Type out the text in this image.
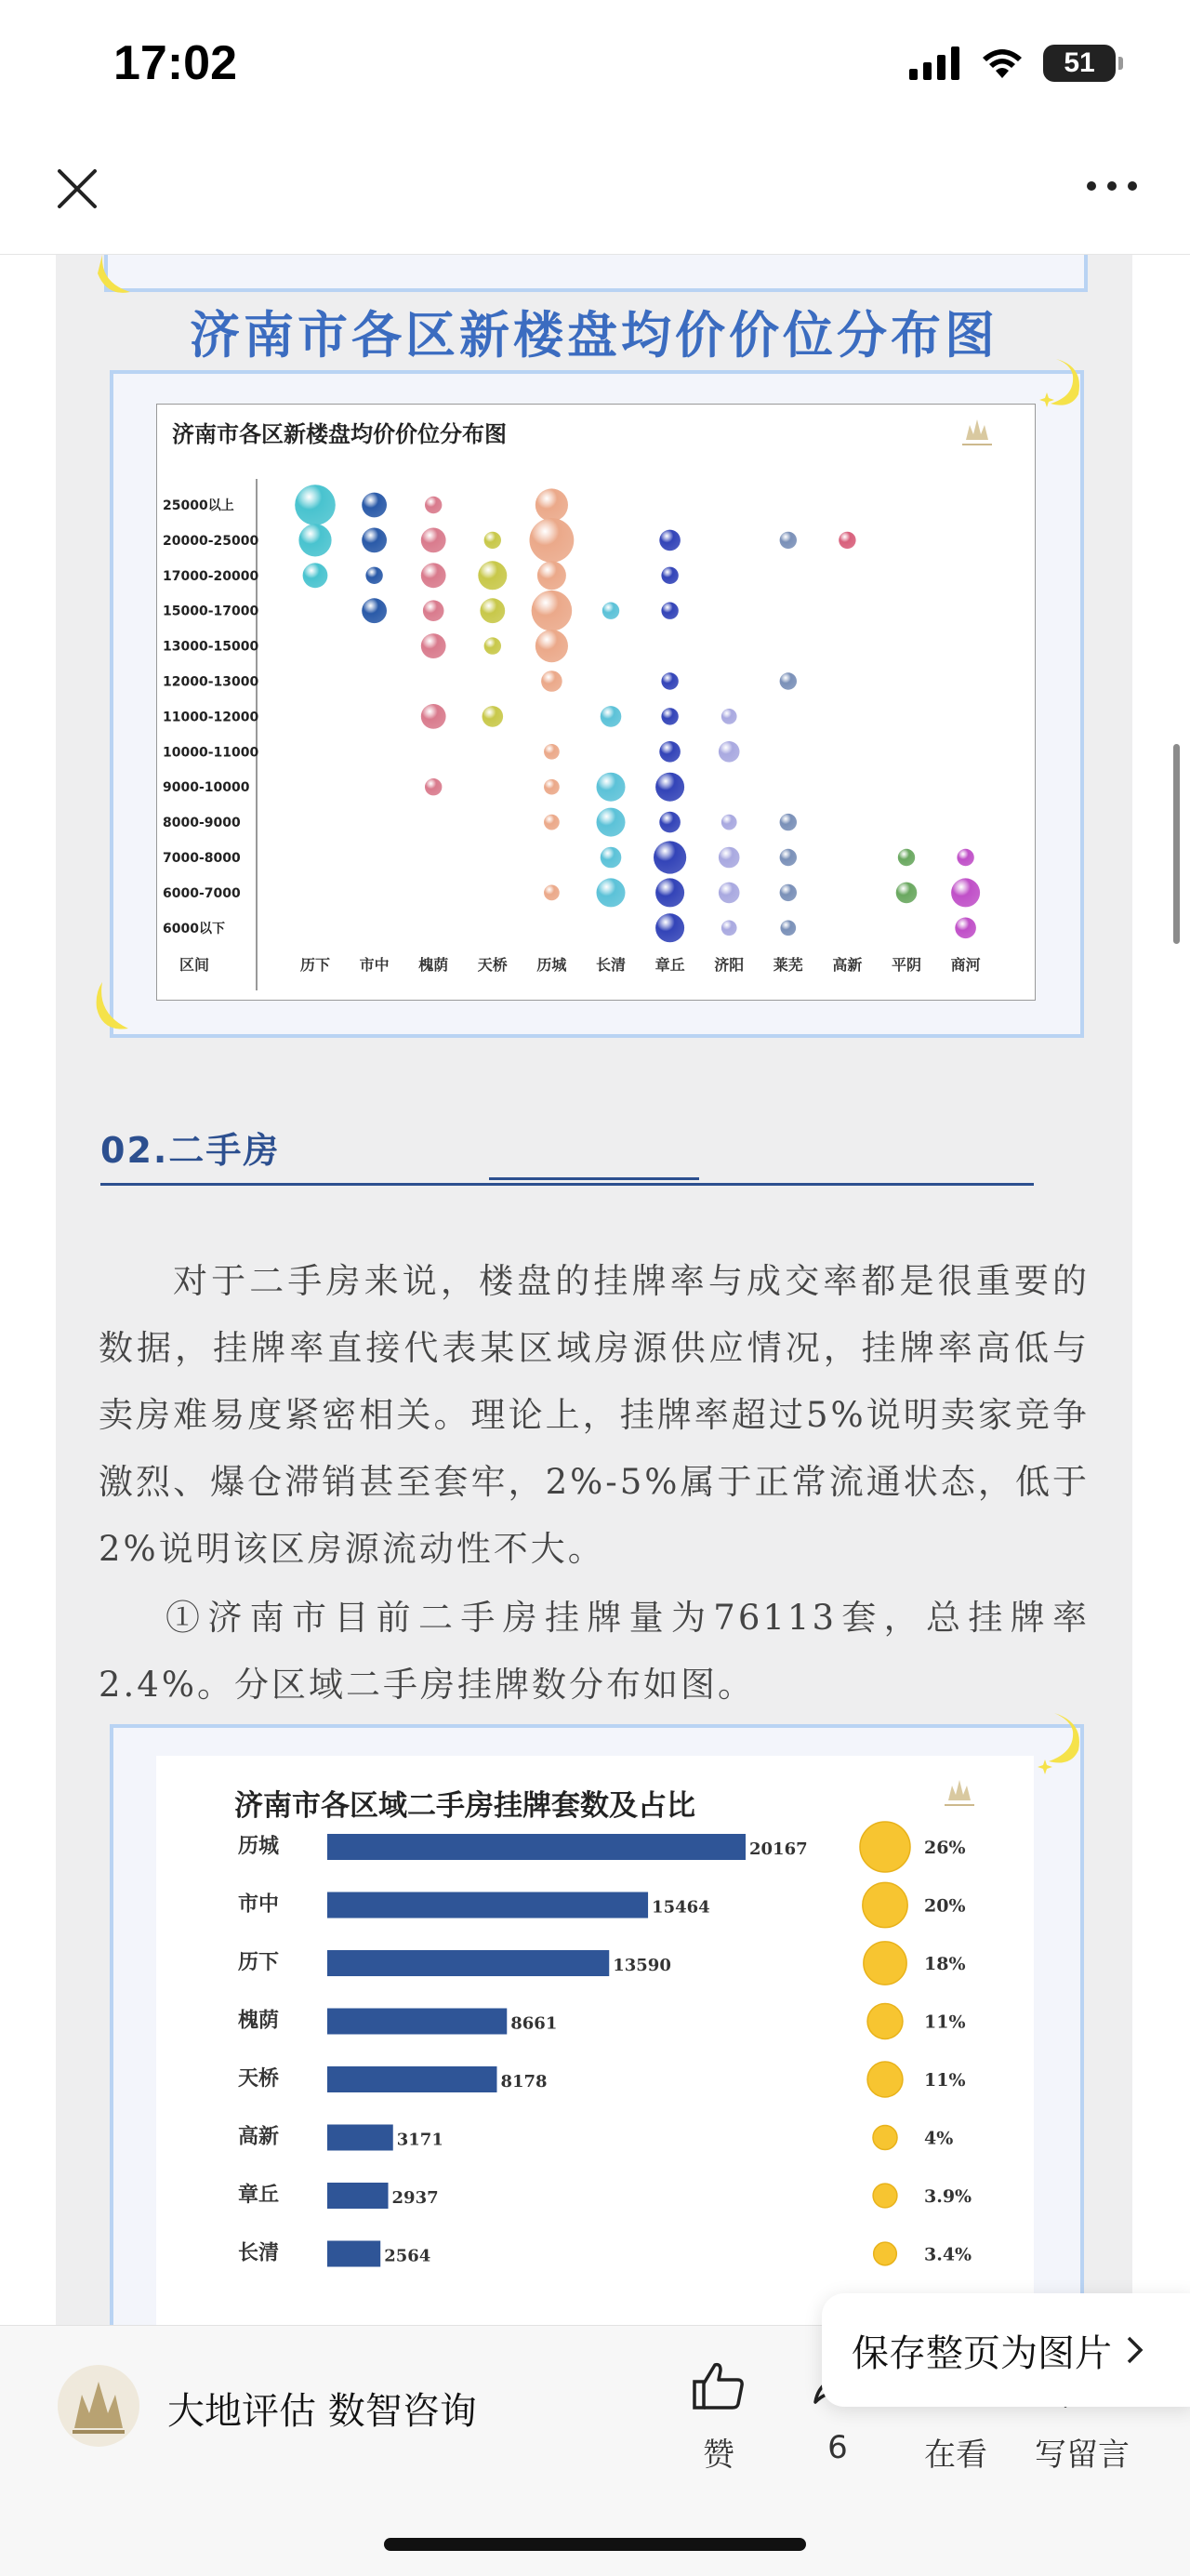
17:02	51
济南市各区新楼盘均价价位分布图
济南市各区新楼盘均价价位分布图
25000以上
20000-25000
17000-20000
15000-17000
13000-15000
12000-13000
11000-12000
10000-11000
9000-10000
8000-9000
7000-8000
6000-7000
6000以下
历下 市中 槐荫 天桥 历城 长清 章丘 济阳 莱芜 高新 平阴 商河
区间
02.二手房
对于二手房来说，楼盘的挂牌率与成交率都是很重要的数据，挂牌率直接代表某区域房源供应情况，挂牌率高低与卖房难易度紧密相关。理论上，挂牌率超过5%说明卖家竞争激烈、爆仓滞销甚至套牢，2%-5%属于正常流通状态，低于2%说明该区房源流动性不大。
①济南市目前二手房挂牌量为76113套，总挂牌率2.4%。分区域二手房挂牌数分布如图。
济南市各区域二手房挂牌套数及占比
历城	20167	26%
市中	15464	20%
历下	13590	18%
槐荫	8661	11%
天桥	8178	11%
高新	3171	4%
章丘	2937	3.9%
长清	2564	3.4%
大地评估 数智咨询
赞	6	在看 写留言
保存整页为图片
